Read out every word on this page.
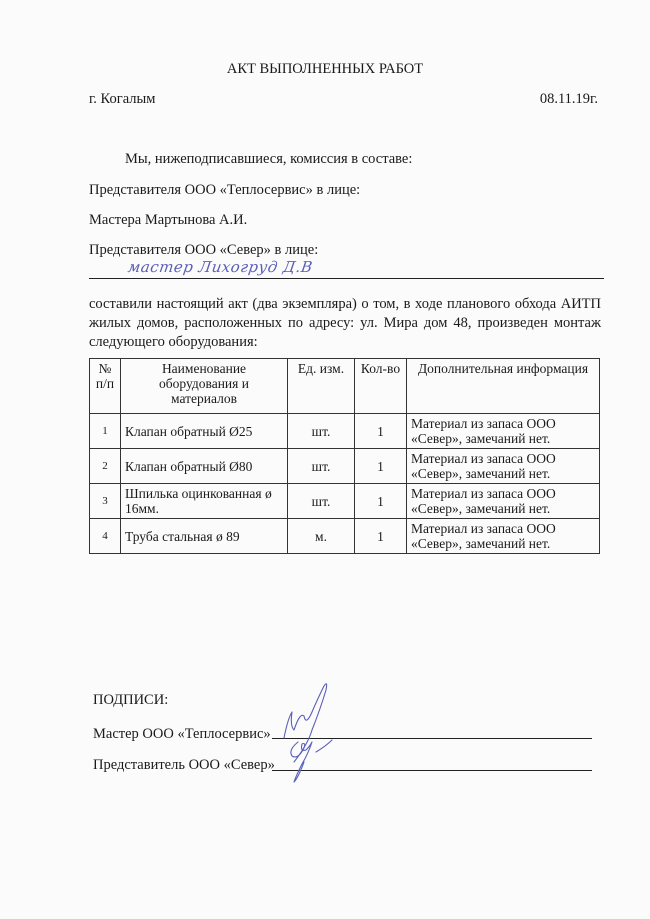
АКТ ВЫПОЛНЕННЫХ РАБОТ
г. Когалым	08.11.19г.
Мы, нижеподписавшиеся, комиссия в составе:
Представителя ООО «Теплосервис» в лице:
Мастера Мартынова А.И.
Представителя ООО «Север» в лице:
мастер Лихогруд Д.В
составили настоящий акт (два экземпляра) о том, в ходе планового обхода АИТП
жилых домов, расположенных по адресу: ул. Мира дом 48, произведен монтаж
следующего оборудования:
№ п/п	Наименование оборудования и материалов	Ед. изм.	Кол-во	Дополнительная информация
1	Клапан обратный Ø25	шт.	1	Материал из запаса ООО «Север», замечаний нет.
2	Клапан обратный Ø80	шт.	1	Материал из запаса ООО «Север», замечаний нет.
3	Шпилька оцинкованная ø 16мм.	шт.	1	Материал из запаса ООО «Север», замечаний нет.
4	Труба стальная ø 89	м.	1	Материал из запаса ООО «Север», замечаний нет.
ПОДПИСИ:
Мастер ООО «Теплосервис»
Представитель ООО «Север»
